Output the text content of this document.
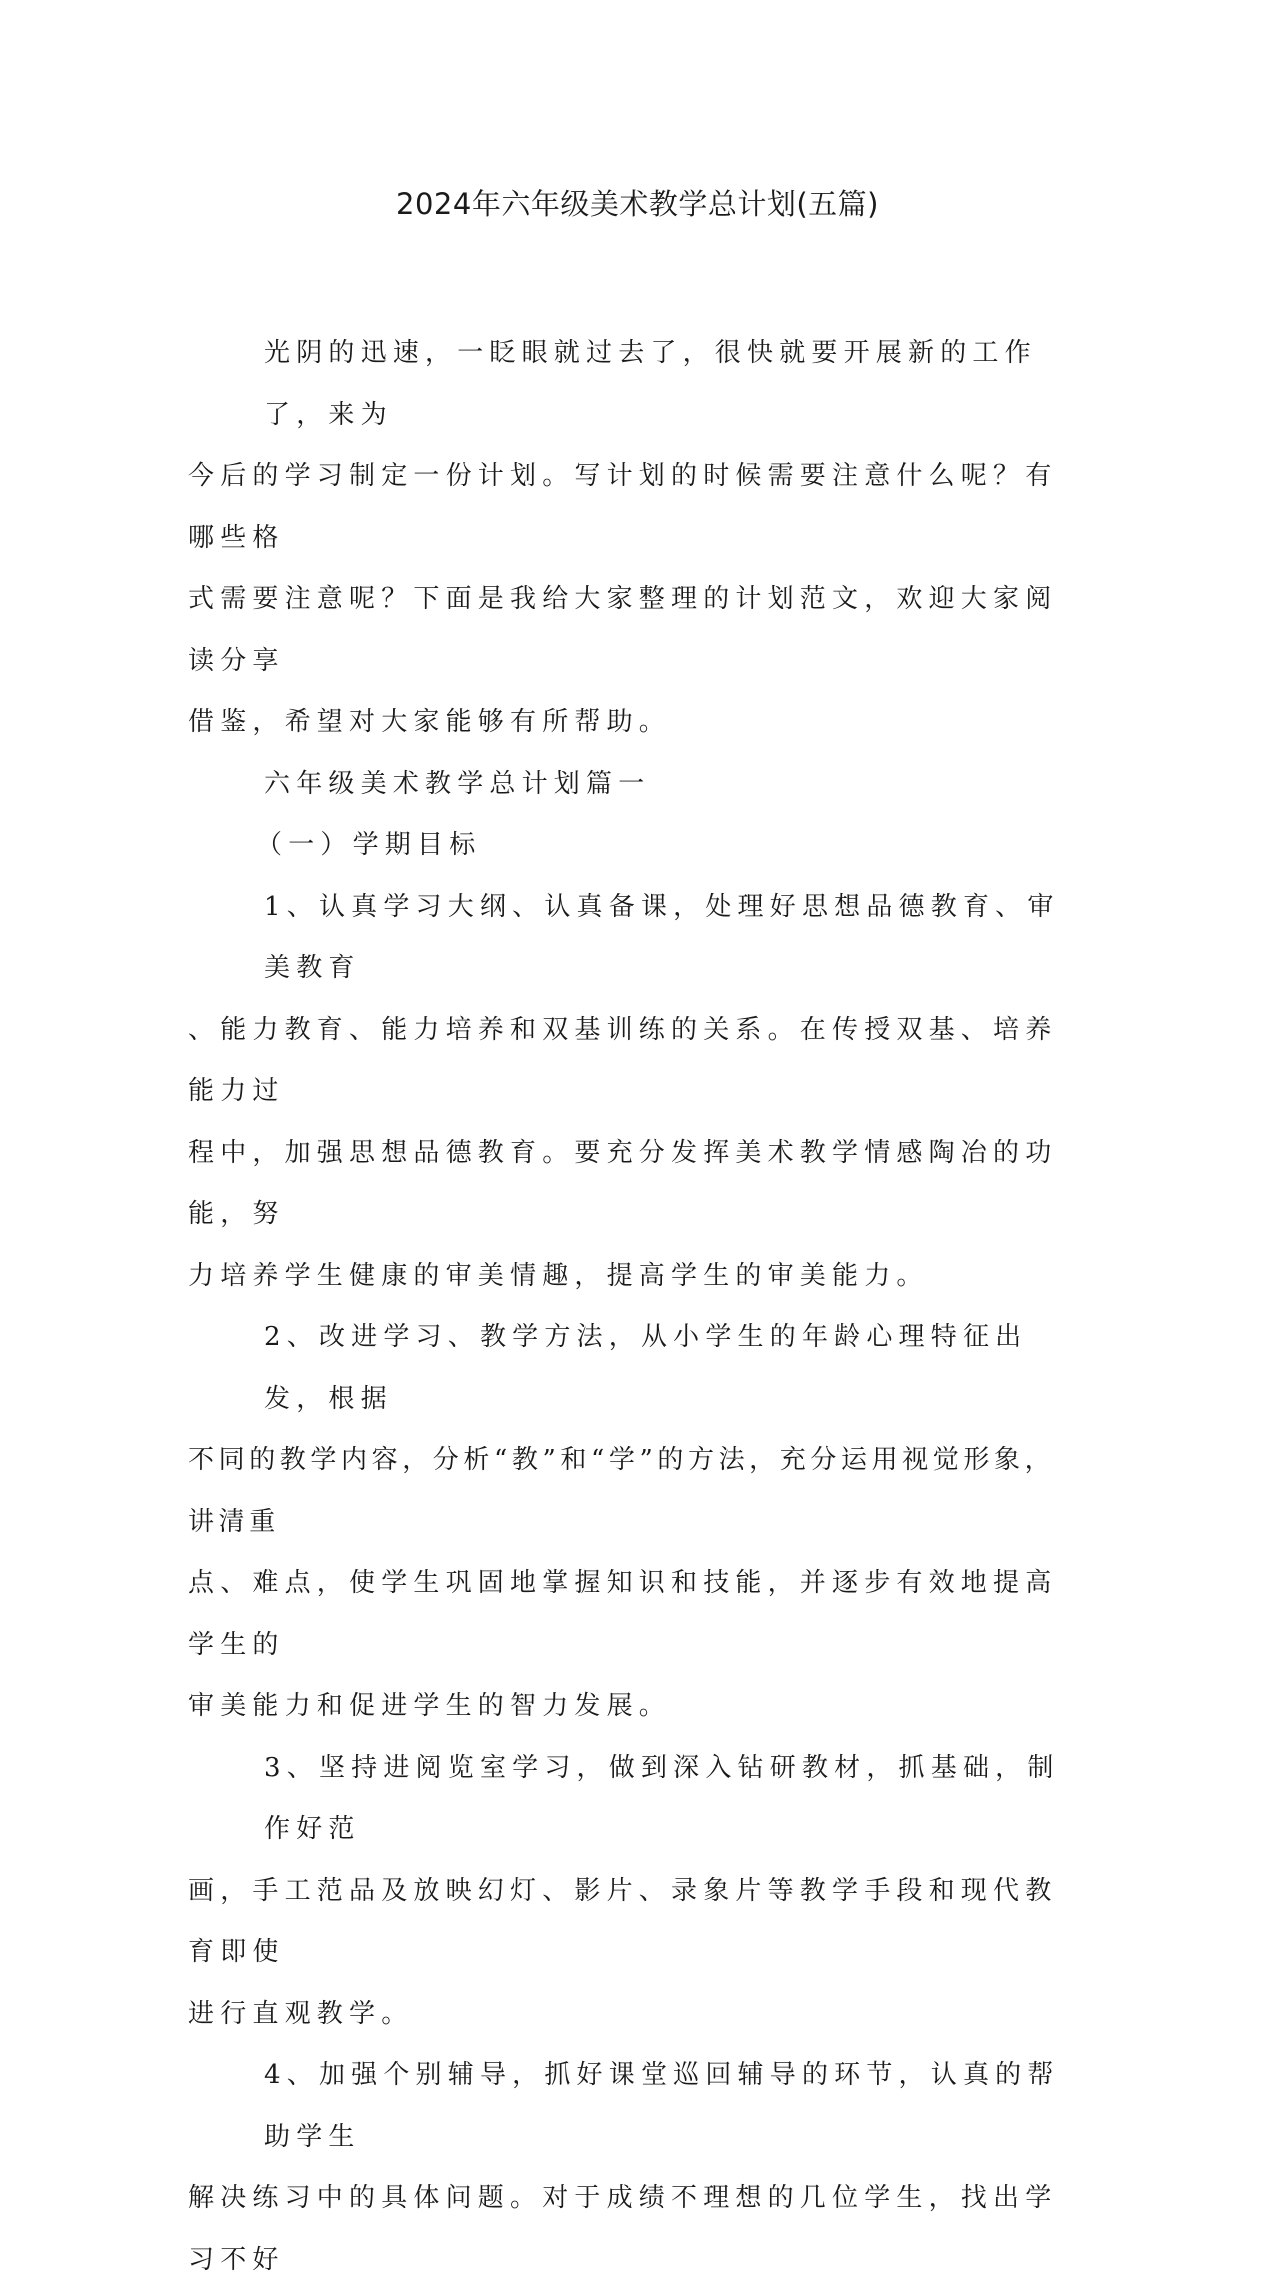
2024年六年级美术教学总计划(五篇)

光阴的迅速，一眨眼就过去了，很快就要开展新的工作了，来为
今后的学习制定一份计划。写计划的时候需要注意什么呢？有哪些格
式需要注意呢？下面是我给大家整理的计划范文，欢迎大家阅读分享
借鉴，希望对大家能够有所帮助。

六年级美术教学总计划篇一

（一）学期目标

1、认真学习大纲、认真备课，处理好思想品德教育、审美教育
、能力教育、能力培养和双基训练的关系。在传授双基、培养能力过
程中，加强思想品德教育。要充分发挥美术教学情感陶冶的功能，努
力培养学生健康的审美情趣，提高学生的审美能力。

2、改进学习、教学方法，从小学生的年龄心理特征出发，根据
不同的教学内容，分析“教”和“学”的方法，充分运用视觉形象，讲清重
点、难点，使学生巩固地掌握知识和技能，并逐步有效地提高学生的
审美能力和促进学生的智力发展。

3、坚持进阅览室学习，做到深入钻研教材，抓基础，制作好范
画，手工范品及放映幻灯、影片、录象片等教学手段和现代教育即使
进行直观教学。

4、加强个别辅导，抓好课堂巡回辅导的环节，认真的帮助学生
解决练习中的具体问题。对于成绩不理想的几位学生，找出学习不好
